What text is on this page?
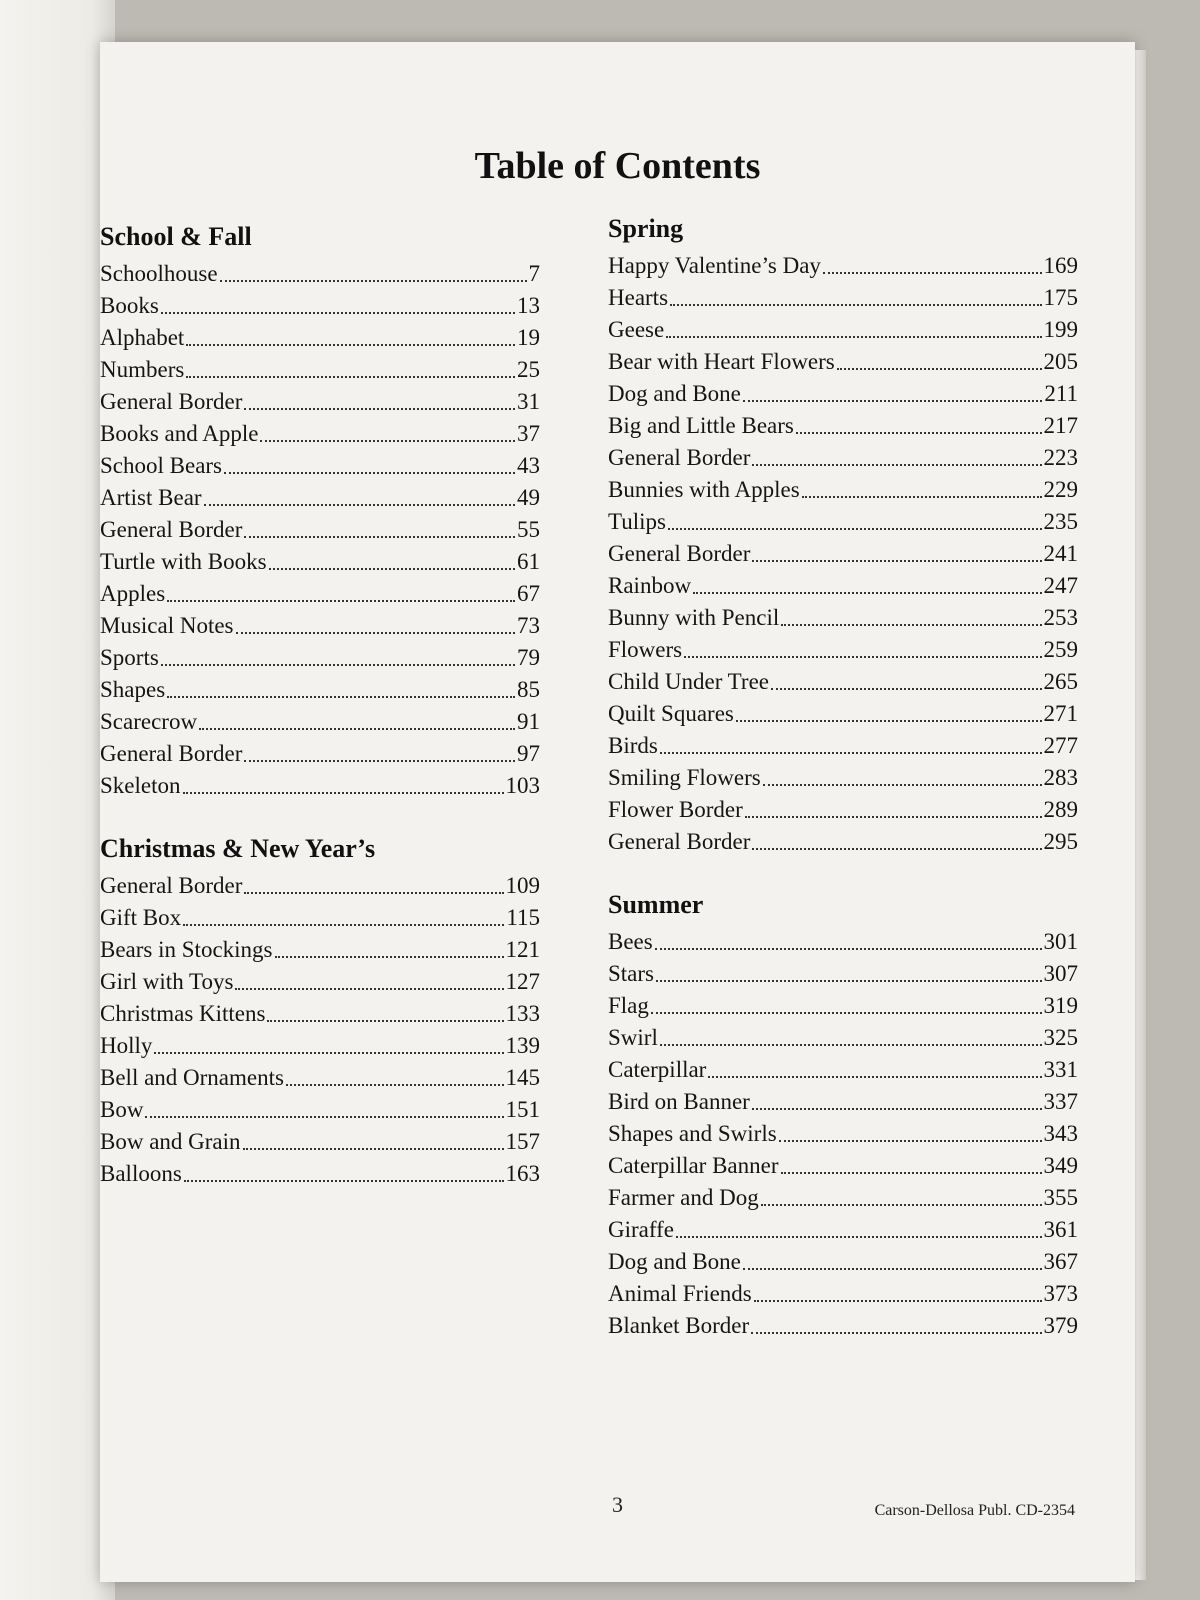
Table of Contents
School & Fall
Schoolhouse	7
Books	13
Alphabet	19
Numbers	25
General Border	31
Books and Apple	37
School Bears	43
Artist Bear	49
General Border	55
Turtle with Books	61
Apples	67
Musical Notes	73
Sports	79
Shapes	85
Scarecrow	91
General Border	97
Skeleton	103
Christmas & New Year’s
General Border	109
Gift Box	115
Bears in Stockings	121
Girl with Toys	127
Christmas Kittens	133
Holly	139
Bell and Ornaments	145
Bow	151
Bow and Grain	157
Balloons	163
Spring
Happy Valentine’s Day	169
Hearts	175
Geese	199
Bear with Heart Flowers	205
Dog and Bone	211
Big and Little Bears	217
General Border	223
Bunnies with Apples	229
Tulips	235
General Border	241
Rainbow	247
Bunny with Pencil	253
Flowers	259
Child Under Tree	265
Quilt Squares	271
Birds	277
Smiling Flowers	283
Flower Border	289
General Border	295
Summer
Bees	301
Stars	307
Flag	319
Swirl	325
Caterpillar	331
Bird on Banner	337
Shapes and Swirls	343
Caterpillar Banner	349
Farmer and Dog	355
Giraffe	361
Dog and Bone	367
Animal Friends	373
Blanket Border	379
3	Carson-Dellosa Publ. CD-2354
